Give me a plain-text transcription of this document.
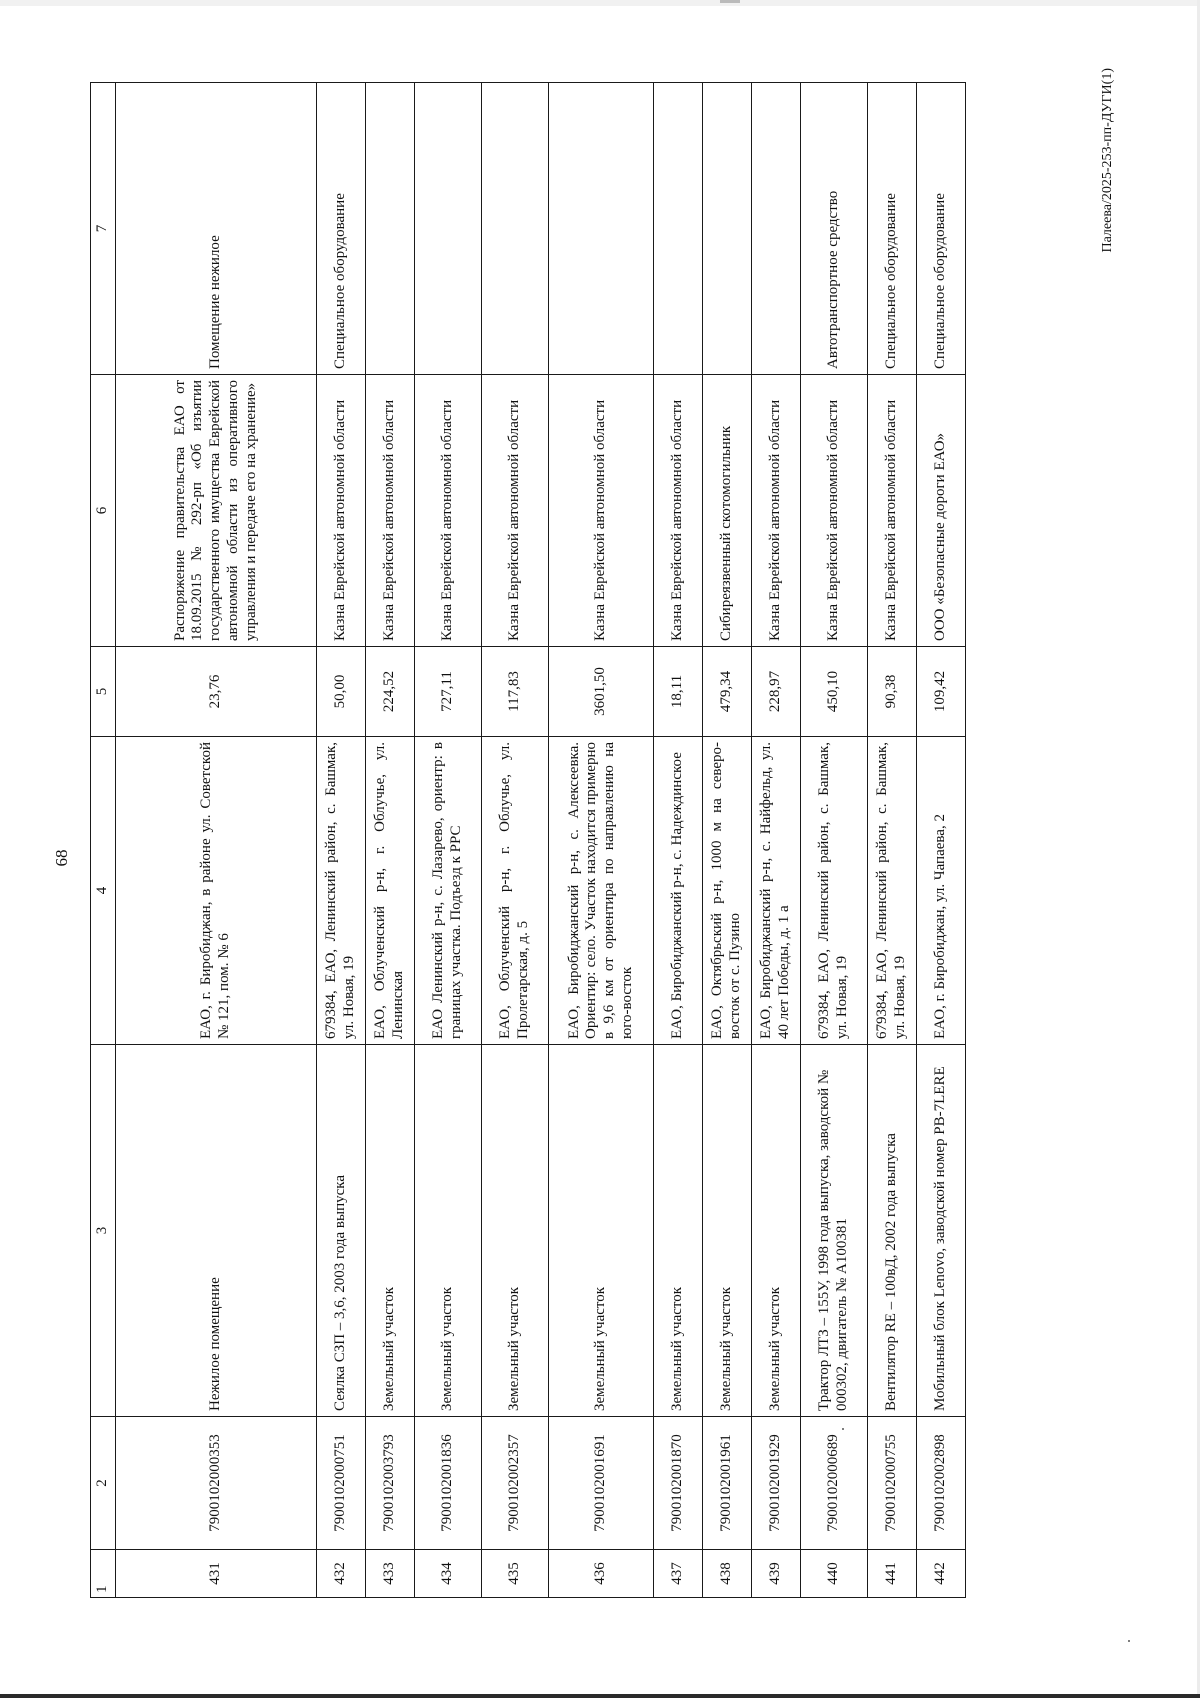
68
1	2	3	4	5	6	7
431	7900102000353	Нежилое помещение	ЕАО, г. Биробиджан, в районе ул. Советской № 121, пом. № 6	23,76	Распоряжение правительства ЕАО от 18.09.2015 № 292-рп «Об изъятии государственного имущества Еврейской автономной области из оперативного управления и передаче его на хранение»	Помещение нежилое
432	7900102000751	Сеялка СЗП – 3,6, 2003 года выпуска	679384, ЕАО, Ленинский район, с. Башмак, ул. Новая, 19	50,00	Казна Еврейской автономной области	Специальное оборудование
433	7900102003793	Земельный участок	ЕАО, Облученский р-н, г. Облучье, ул. Ленинская	224,52	Казна Еврейской автономной области	
434	7900102001836	Земельный участок	ЕАО Ленинский р-н, с. Лазарево, ориентр: в границах участка. Подъезд к РРС	727,11	Казна Еврейской автономной области	
435	7900102002357	Земельный участок	ЕАО, Облученский р-н, г. Облучье, ул. Пролетарская, д. 5	117,83	Казна Еврейской автономной области	
436	7900102001691	Земельный участок	ЕАО, Биробиджанский р-н, с. Алексеевка. Ориентир: село. Участок находится примерно в 9,6 км от ориентира по направлению на юго-восток	3601,50	Казна Еврейской автономной области	
437	7900102001870	Земельный участок	ЕАО, Биробиджанский р-н, с. Надеждинское	18,11	Казна Еврейской автономной области	
438	7900102001961	Земельный участок	ЕАО, Октябрьский р-н, 1000 м на северо-восток от с. Пузино	479,34	Сибиреязвенный скотомогильник	
439	7900102001929	Земельный участок	ЕАО, Биробиджанский р-н, с. Найфельд, ул. 40 лет Победы, д. 1 а	228,97	Казна Еврейской автономной области	
440	7900102000689	Трактор ЛТЗ – 155У, 1998 года выпуска, заводской № 000302, двигатель № А100381	679384, ЕАО, Ленинский район, с. Башмак, ул. Новая, 19	450,10	Казна Еврейской автономной области	Автотранспортное средство
441	7900102000755	Вентилятор RE – 100вД, 2002 года выпуска	679384, ЕАО, Ленинский район, с. Башмак, ул. Новая, 19	90,38	Казна Еврейской автономной области	Специальное оборудование
442	7900102002898	Мобильный блок Lenovo, заводской номер PB-7LERE	ЕАО, г. Биробиджан, ул. Чапаева, 2	109,42	ООО «Безопасные дороги ЕАО»	Специальное оборудование
Палеева/2025-253-пп-ДУГИ(1)
